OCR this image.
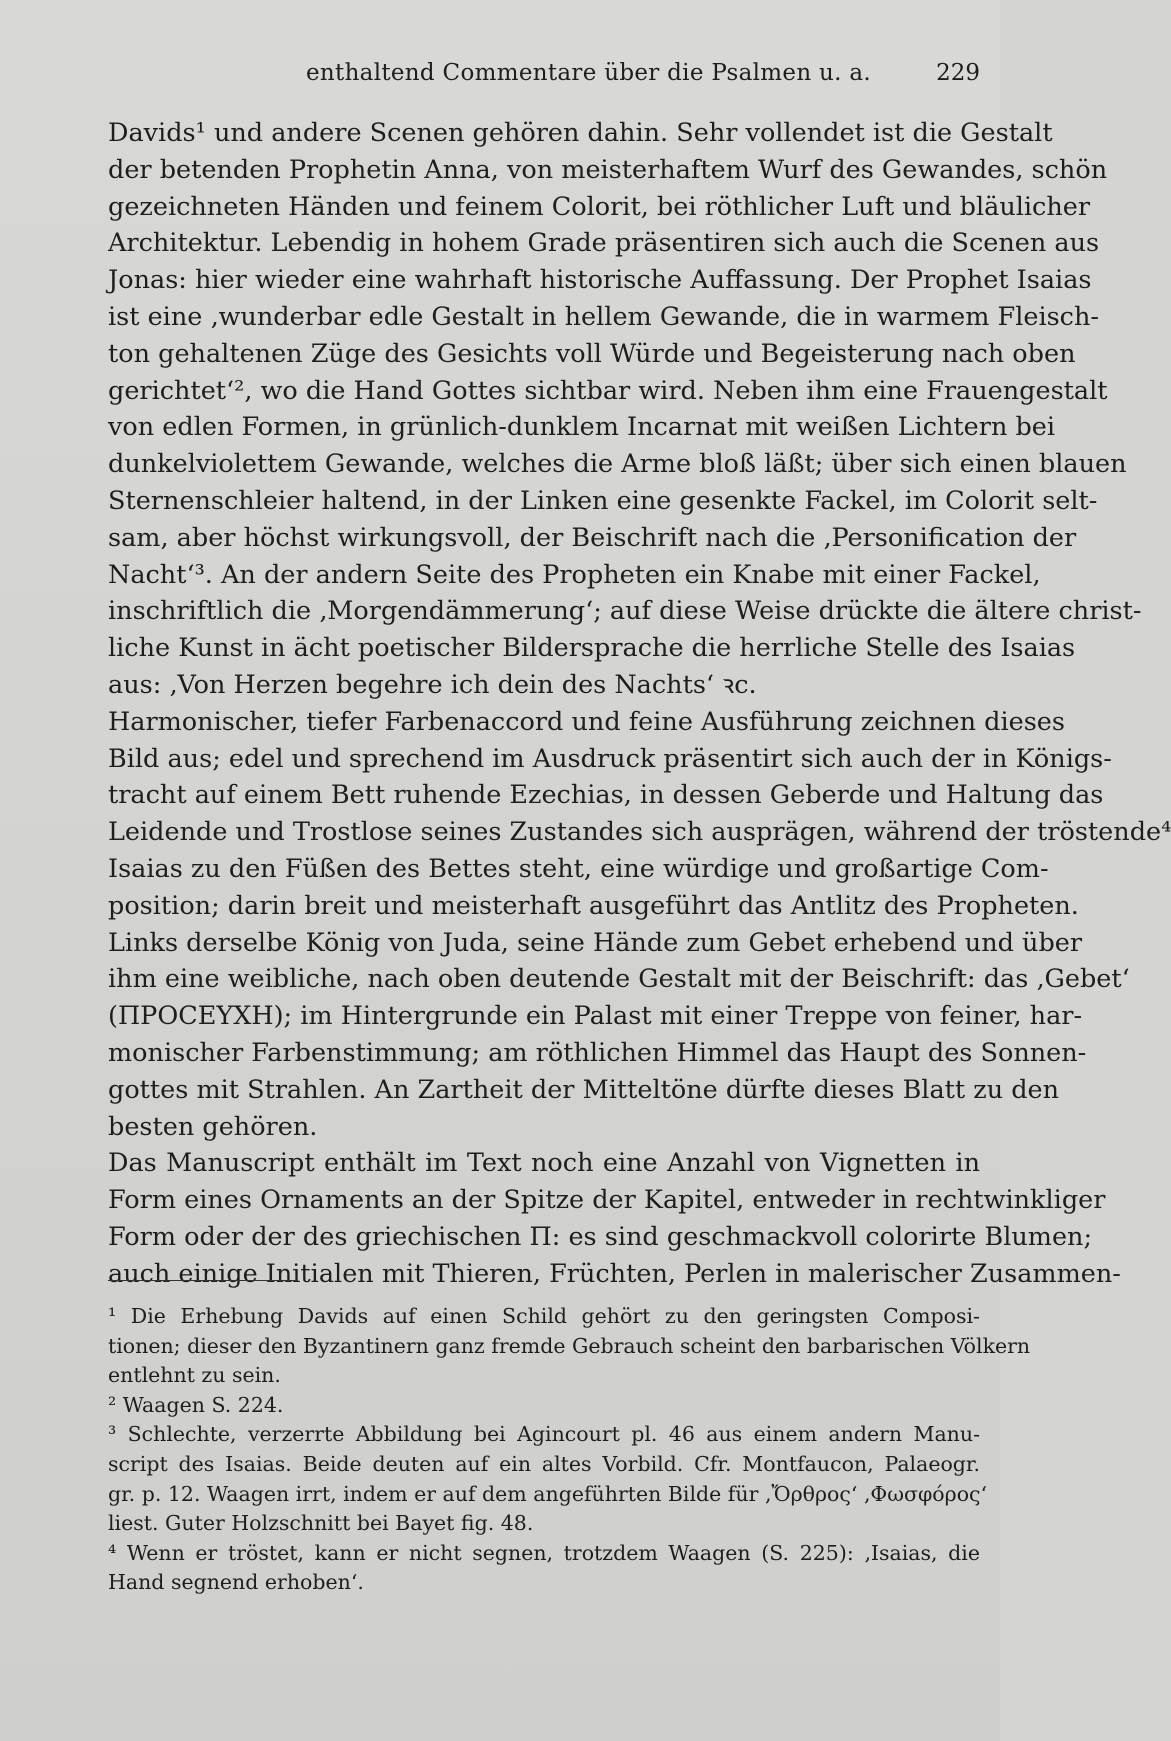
enthaltend Commentare über die Psalmen u. a.	229
Davids¹ und andere Scenen gehören dahin. Sehr vollendet ist die Gestalt
der betenden Prophetin Anna, von meisterhaftem Wurf des Gewandes, schön
gezeichneten Händen und feinem Colorit, bei röthlicher Luft und bläulicher
Architektur. Lebendig in hohem Grade präsentiren sich auch die Scenen aus
Jonas: hier wieder eine wahrhaft historische Auffassung. Der Prophet Isaias
ist eine ‚wunderbar edle Gestalt in hellem Gewande, die in warmem Fleisch-
ton gehaltenen Züge des Gesichts voll Würde und Begeisterung nach oben
gerichtet‘², wo die Hand Gottes sichtbar wird. Neben ihm eine Frauengestalt
von edlen Formen, in grünlich-dunklem Incarnat mit weißen Lichtern bei
dunkelviolettem Gewande, welches die Arme bloß läßt; über sich einen blauen
Sternenschleier haltend, in der Linken eine gesenkte Fackel, im Colorit selt-
sam, aber höchst wirkungsvoll, der Beischrift nach die ‚Personification der
Nacht‘³. An der andern Seite des Propheten ein Knabe mit einer Fackel,
inschriftlich die ‚Morgendämmerung‘; auf diese Weise drückte die ältere christ-
liche Kunst in ächt poetischer Bildersprache die herrliche Stelle des Isaias
aus: ‚Von Herzen begehre ich dein des Nachts‘ ꝛc.
Harmonischer, tiefer Farbenaccord und feine Ausführung zeichnen dieses
Bild aus; edel und sprechend im Ausdruck präsentirt sich auch der in Königs-
tracht auf einem Bett ruhende Ezechias, in dessen Geberde und Haltung das
Leidende und Trostlose seines Zustandes sich ausprägen, während der tröstende⁴
Isaias zu den Füßen des Bettes steht, eine würdige und großartige Com-
position; darin breit und meisterhaft ausgeführt das Antlitz des Propheten.
Links derselbe König von Juda, seine Hände zum Gebet erhebend und über
ihm eine weibliche, nach oben deutende Gestalt mit der Beischrift: das ‚Gebet‘
(ΠΡΟϹΕΥΧΗ); im Hintergrunde ein Palast mit einer Treppe von feiner, har-
monischer Farbenstimmung; am röthlichen Himmel das Haupt des Sonnen-
gottes mit Strahlen. An Zartheit der Mitteltöne dürfte dieses Blatt zu den
besten gehören.
Das Manuscript enthält im Text noch eine Anzahl von Vignetten in
Form eines Ornaments an der Spitze der Kapitel, entweder in rechtwinkliger
Form oder der des griechischen Π: es sind geschmackvoll colorirte Blumen;
auch einige Initialen mit Thieren, Früchten, Perlen in malerischer Zusammen-
¹ Die Erhebung Davids auf einen Schild gehört zu den geringsten Composi-
tionen; dieser den Byzantinern ganz fremde Gebrauch scheint den barbarischen Völkern
entlehnt zu sein.
² Waagen S. 224.
³ Schlechte, verzerrte Abbildung bei Agincourt pl. 46 aus einem andern Manu-
script des Isaias. Beide deuten auf ein altes Vorbild. Cfr. Montfaucon, Palaeogr.
gr. p. 12. Waagen irrt, indem er auf dem angeführten Bilde für ‚Ὄρθρος‘ ‚Φωσφόρος‘
liest. Guter Holzschnitt bei Bayet fig. 48.
⁴ Wenn er tröstet, kann er nicht segnen, trotzdem Waagen (S. 225): ‚Isaias, die
Hand segnend erhoben‘.
